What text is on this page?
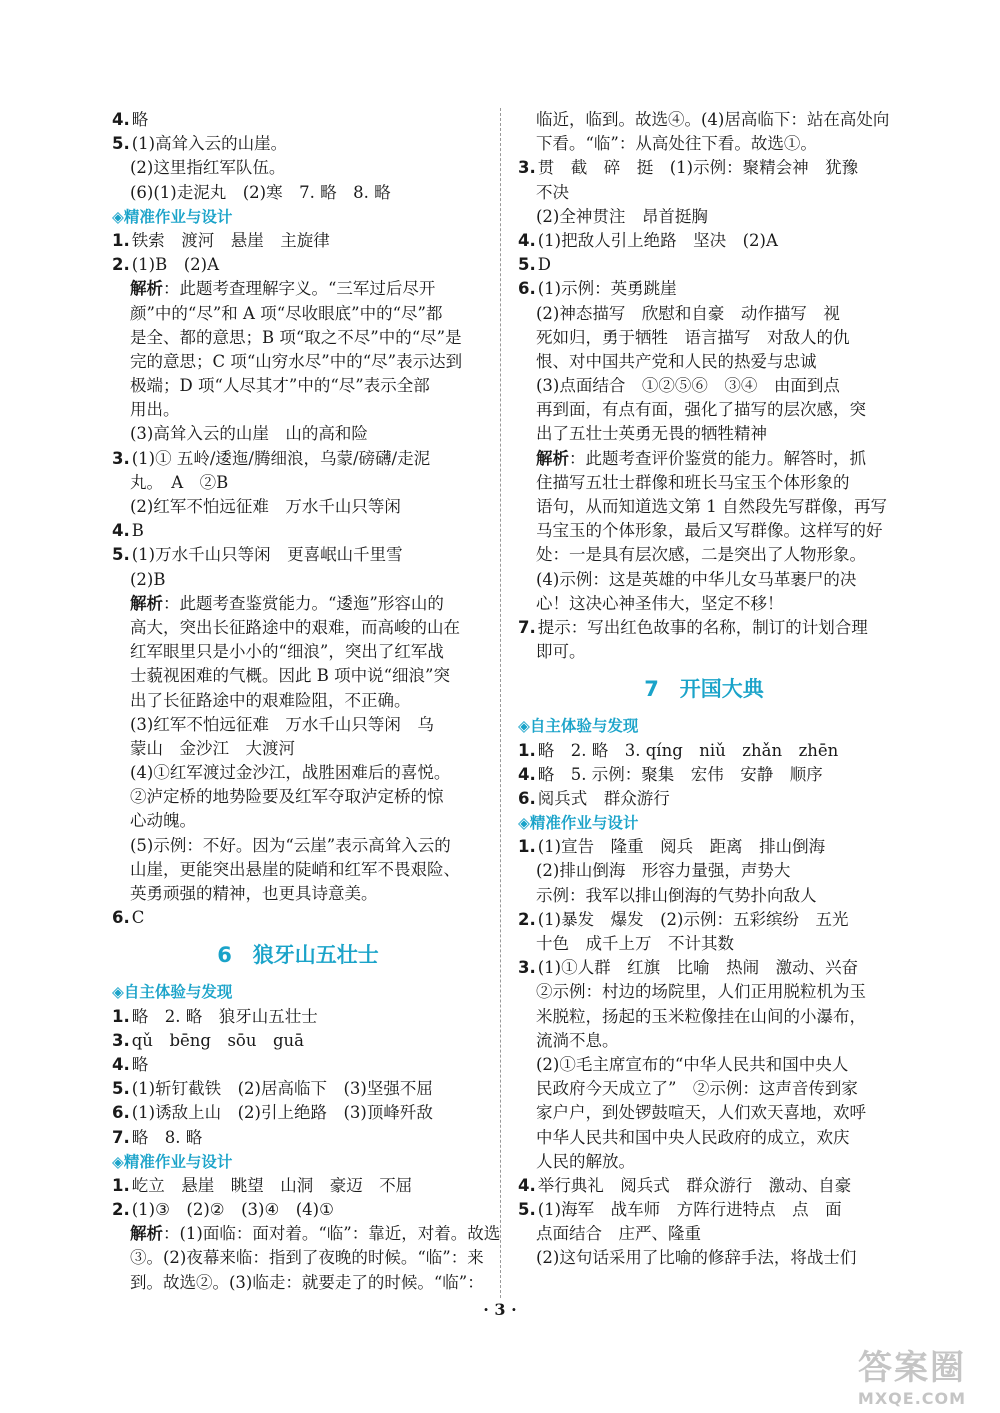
4. 略
5. (1)高耸入云的山崖。
(2)这里指红军队伍。
(6)(1)走泥丸　(2)寒　7. 略　8. 略
◈精准作业与设计
1. 铁索　渡河　悬崖　主旋律
2. (1)B　(2)A
解析：此题考查理解字义。“三军过后尽开
颜”中的“尽”和 A 项“尽收眼底”中的“尽”都
是全、都的意思；B 项“取之不尽”中的“尽”是
完的意思；C 项“山穷水尽”中的“尽”表示达到
极端；D 项“人尽其才”中的“尽”表示全部
用出。
(3)高耸入云的山崖　山的高和险
3. (1)① 五岭/逶迤/腾细浪，乌蒙/磅礴/走泥
丸。　A　②B
(2)红军不怕远征难　万水千山只等闲
4. B
5. (1)万水千山只等闲　更喜岷山千里雪
(2)B
解析：此题考查鉴赏能力。“逶迤”形容山的
高大，突出长征路途中的艰难，而高峻的山在
红军眼里只是小小的“细浪”，突出了红军战
士藐视困难的气概。因此 B 项中说“细浪”突
出了长征路途中的艰难险阻，不正确。
(3)红军不怕远征难　万水千山只等闲　乌
蒙山　金沙江　大渡河
(4)①红军渡过金沙江，战胜困难后的喜悦。
②泸定桥的地势险要及红军夺取泸定桥的惊
心动魄。
(5)示例：不好。因为“云崖”表示高耸入云的
山崖，更能突出悬崖的陡峭和红军不畏艰险、
英勇顽强的精神，也更具诗意美。
6. C
6　狼牙山五壮士
◈自主体验与发现
1. 略　2. 略　狼牙山五壮士
3. qǔ　bēng　sōu　guā
4. 略
5. (1)斩钉截铁　(2)居高临下　(3)坚强不屈
6. (1)诱敌上山　(2)引上绝路　(3)顶峰歼敌
7. 略　8. 略
◈精准作业与设计
1. 屹立　悬崖　眺望　山洞　豪迈　不屈
2. (1)③　(2)②　(3)④　(4)①
解析：(1)面临：面对着。“临”：靠近，对着。故选
③。(2)夜幕来临：指到了夜晚的时候。“临”：来
到。故选②。(3)临走：就要走了的时候。“临”：
临近，临到。故选④。(4)居高临下：站在高处向
下看。“临”：从高处往下看。故选①。
3. 贯　截　碎　挺　(1)示例：聚精会神　犹豫
不决
(2)全神贯注　昂首挺胸
4. (1)把敌人引上绝路　坚决　(2)A
5. D
6. (1)示例：英勇跳崖
(2)神态描写　欣慰和自豪　动作描写　视
死如归，勇于牺牲　语言描写　对敌人的仇
恨、对中国共产党和人民的热爱与忠诚
(3)点面结合　①②⑤⑥　③④　由面到点
再到面，有点有面，强化了描写的层次感，突
出了五壮士英勇无畏的牺牲精神
解析：此题考查评价鉴赏的能力。解答时，抓
住描写五壮士群像和班长马宝玉个体形象的
语句，从而知道选文第 1 自然段先写群像，再写
马宝玉的个体形象，最后又写群像。这样写的好
处：一是具有层次感，二是突出了人物形象。
(4)示例：这是英雄的中华儿女马革裹尸的决
心！这决心神圣伟大，坚定不移！
7. 提示：写出红色故事的名称，制订的计划合理
即可。
7　开国大典
◈自主体验与发现
1. 略　2. 略　3. qíng　niǔ　zhǎn　zhēn
4. 略　5. 示例：聚集　宏伟　安静　顺序
6. 阅兵式　群众游行
◈精准作业与设计
1. (1)宣告　隆重　阅兵　距离　排山倒海
(2)排山倒海　形容力量强，声势大
示例：我军以排山倒海的气势扑向敌人
2. (1)暴发　爆发　(2)示例：五彩缤纷　五光
十色　成千上万　不计其数
3. (1)①人群　红旗　比喻　热闹　激动、兴奋
②示例：村边的场院里，人们正用脱粒机为玉
米脱粒，扬起的玉米粒像挂在山间的小瀑布，
流淌不息。
(2)①毛主席宣布的“中华人民共和国中央人
民政府今天成立了”　②示例：这声音传到家
家户户，到处锣鼓喧天，人们欢天喜地，欢呼
中华人民共和国中央人民政府的成立，欢庆
人民的解放。
4. 举行典礼　阅兵式　群众游行　激动、自豪
5. (1)海军　战车师　方阵行进特点　点　面
点面结合　庄严、隆重
(2)这句话采用了比喻的修辞手法，将战士们
· 3 ·
答案圈
MXQE.COM
